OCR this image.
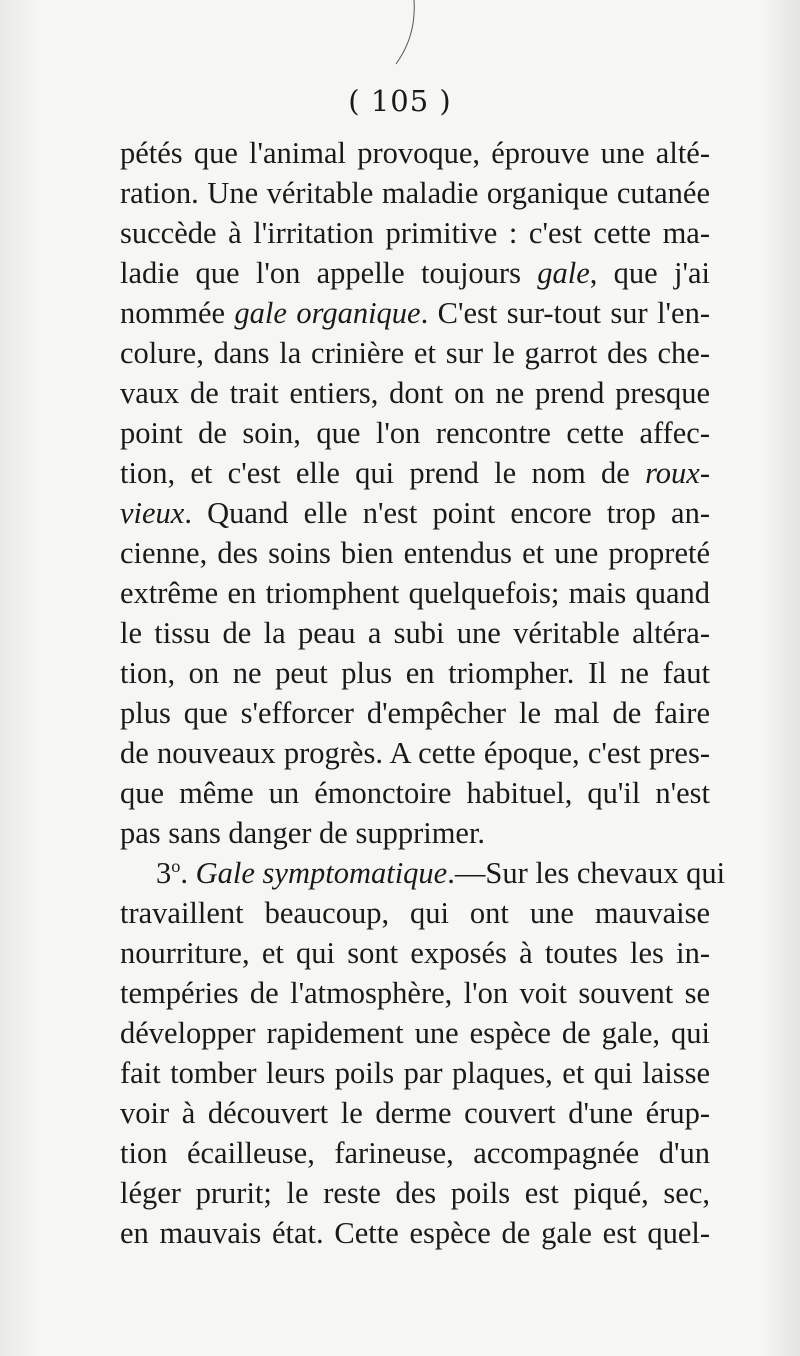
( 105 )
pétés que l'animal provoque, éprouve une alté-
ration. Une véritable maladie organique cutanée
succède à l'irritation primitive : c'est cette ma-
ladie que l'on appelle toujours gale, que j'ai
nommée gale organique. C'est sur-tout sur l'en-
colure, dans la crinière et sur le garrot des che-
vaux de trait entiers, dont on ne prend presque
point de soin, que l'on rencontre cette affec-
tion, et c'est elle qui prend le nom de roux-
vieux. Quand elle n'est point encore trop an-
cienne, des soins bien entendus et une propreté
extrême en triomphent quelquefois; mais quand
le tissu de la peau a subi une véritable altéra-
tion, on ne peut plus en triompher. Il ne faut
plus que s'efforcer d'empêcher le mal de faire
de nouveaux progrès. A cette époque, c'est pres-
que même un émonctoire habituel, qu'il n'est
pas sans danger de supprimer.
3$^o$. Gale symptomatique.—Sur les chevaux qui
travaillent beaucoup, qui ont une mauvaise
nourriture, et qui sont exposés à toutes les in-
tempéries de l'atmosphère, l'on voit souvent se
développer rapidement une espèce de gale, qui
fait tomber leurs poils par plaques, et qui laisse
voir à découvert le derme couvert d'une érup-
tion écailleuse, farineuse, accompagnée d'un
léger prurit; le reste des poils est piqué, sec,
en mauvais état. Cette espèce de gale est quel-
